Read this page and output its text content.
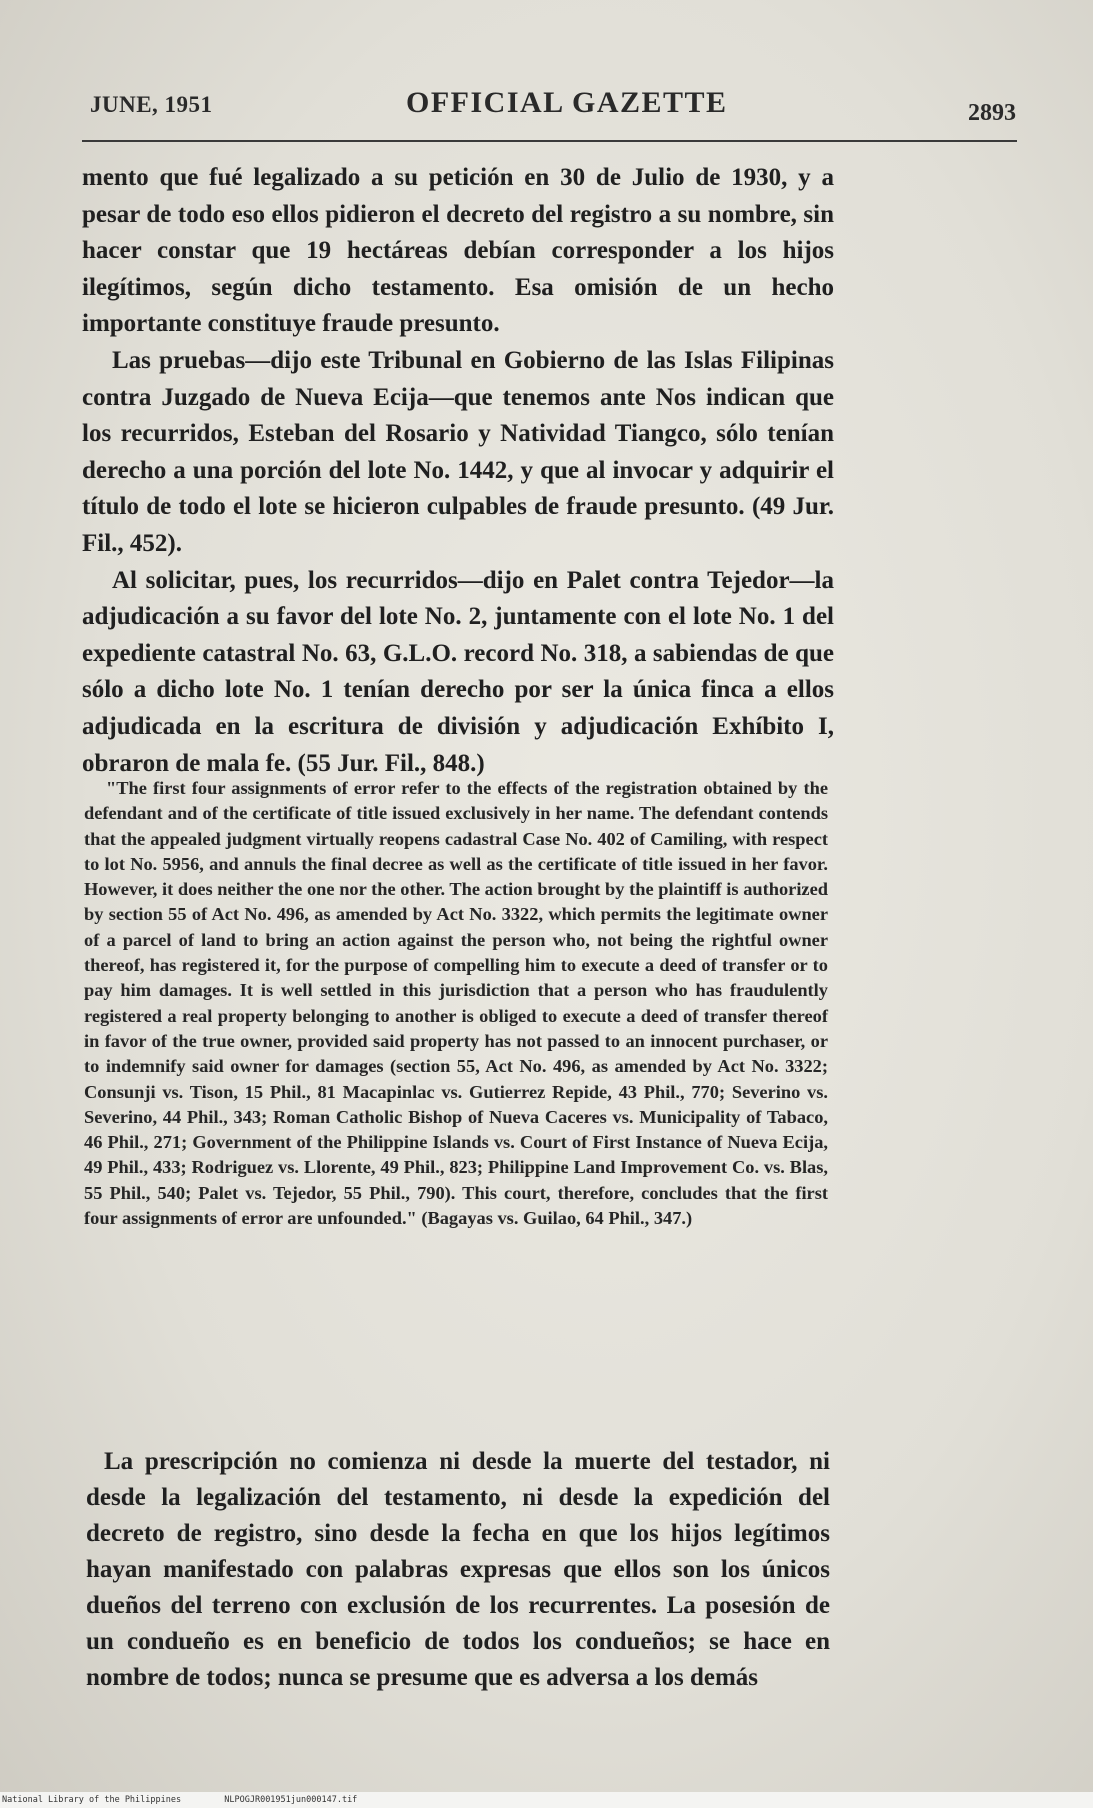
JUNE, 1951	OFFICIAL GAZETTE	2893

mento que fué legalizado a su petición en 30 de Julio de 1930, y a pesar de todo eso ellos pidieron el decreto del registro a su nombre, sin hacer constar que 19 hectáreas debían corresponder a los hijos ilegítimos, según dicho testamento. Esa omisión de un hecho importante constituye fraude presunto.

Las pruebas—dijo este Tribunal en Gobierno de las Islas Filipinas contra Juzgado de Nueva Ecija—que tenemos ante Nos indican que los recurridos, Esteban del Rosario y Natividad Tiangco, sólo tenían derecho a una porción del lote No. 1442, y que al invocar y adquirir el título de todo el lote se hicieron culpables de fraude presunto. (49 Jur. Fil., 452).

Al solicitar, pues, los recurridos—dijo en Palet contra Tejedor—la adjudicación a su favor del lote No. 2, juntamente con el lote No. 1 del expediente catastral No. 63, G.L.O. record No. 318, a sabiendas de que sólo a dicho lote No. 1 tenían derecho por ser la única finca a ellos adjudicada en la escritura de división y adjudicación Exhíbito I, obraron de mala fe. (55 Jur. Fil., 848.)

"The first four assignments of error refer to the effects of the registration obtained by the defendant and of the certificate of title issued exclusively in her name. The defendant contends that the appealed judgment virtually reopens cadastral Case No. 402 of Camiling, with respect to lot No. 5956, and annuls the final decree as well as the certificate of title issued in her favor. However, it does neither the one nor the other. The action brought by the plaintiff is authorized by section 55 of Act No. 496, as amended by Act No. 3322, which permits the legitimate owner of a parcel of land to bring an action against the person who, not being the rightful owner thereof, has registered it, for the purpose of compelling him to execute a deed of transfer or to pay him damages. It is well settled in this jurisdiction that a person who has fraudulently registered a real property belonging to another is obliged to execute a deed of transfer thereof in favor of the true owner, provided said property has not passed to an innocent purchaser, or to indemnify said owner for damages (section 55, Act No. 496, as amended by Act No. 3322; Consunji vs. Tison, 15 Phil., 81 Macapinlac vs. Gutierrez Repide, 43 Phil., 770; Severino vs. Severino, 44 Phil., 343; Roman Catholic Bishop of Nueva Caceres vs. Municipality of Tabaco, 46 Phil., 271; Government of the Philippine Islands vs. Court of First Instance of Nueva Ecija, 49 Phil., 433; Rodriguez vs. Llorente, 49 Phil., 823; Philippine Land Improvement Co. vs. Blas, 55 Phil., 540; Palet vs. Tejedor, 55 Phil., 790). This court, therefore, concludes that the first four assignments of error are unfounded." (Bagayas vs. Guilao, 64 Phil., 347.)

La prescripción no comienza ni desde la muerte del testador, ni desde la legalización del testamento, ni desde la expedición del decreto de registro, sino desde la fecha en que los hijos legítimos hayan manifestado con palabras expresas que ellos son los únicos dueños del terreno con exclusión de los recurrentes. La posesión de un condueño es en beneficio de todos los condueños; se hace en nombre de todos; nunca se presume que es adversa a los demás

National Library of the Philippines	NLPOGJR001951jun000147.tif
